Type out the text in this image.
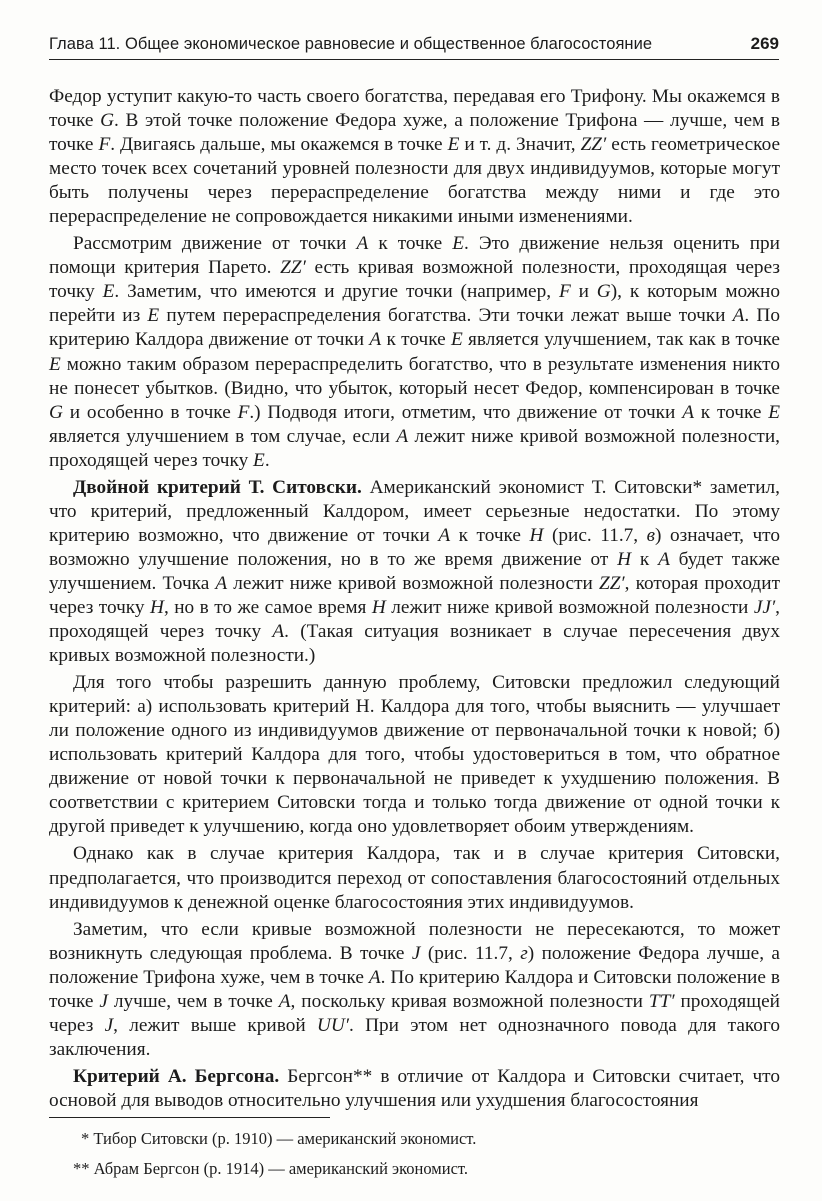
Глава 11. Общее экономическое равновесие и общественное благосостояние	269

Федор уступит какую-то часть своего богатства, передавая его Трифону. Мы окажемся в точке G. В этой точке положение Федора хуже, а положение Трифона — лучше, чем в точке F. Двигаясь дальше, мы окажемся в точке E и т. д. Значит, ZZ′ есть геометрическое место точек всех сочетаний уровней полезности для двух индивидуумов, которые могут быть получены через перераспределение богатства между ними и где это перераспределение не сопровождается никакими иными изменениями.

Рассмотрим движение от точки A к точке E. Это движение нельзя оценить при помощи критерия Парето. ZZ′ есть кривая возможной полезности, проходящая через точку E. Заметим, что имеются и другие точки (например, F и G), к которым можно перейти из E путем перераспределения богатства. Эти точки лежат выше точки A. По критерию Калдора движение от точки A к точке E является улучшением, так как в точке E можно таким образом перераспределить богатство, что в результате изменения никто не понесет убытков. (Видно, что убыток, который несет Федор, компенсирован в точке G и особенно в точке F.) Подводя итоги, отметим, что движение от точки A к точке E является улучшением в том случае, если A лежит ниже кривой возможной полезности, проходящей через точку E.

Двойной критерий Т. Ситовски. Американский экономист Т. Ситовски* заметил, что критерий, предложенный Калдором, имеет серьезные недостатки. По этому критерию возможно, что движение от точки A к точке H (рис. 11.7, в) означает, что возможно улучшение положения, но в то же время движение от H к A будет также улучшением. Точка A лежит ниже кривой возможной полезности ZZ′, которая проходит через точку H, но в то же самое время H лежит ниже кривой возможной полезности JJ′, проходящей через точку A. (Такая ситуация возникает в случае пересечения двух кривых возможной полезности.)

Для того чтобы разрешить данную проблему, Ситовски предложил следующий критерий: а) использовать критерий Н. Калдора для того, чтобы выяснить — улучшает ли положение одного из индивидуумов движение от первоначальной точки к новой; б) использовать критерий Калдора для того, чтобы удостовериться в том, что обратное движение от новой точки к первоначальной не приведет к ухудшению положения. В соответствии с критерием Ситовски тогда и только тогда движение от одной точки к другой приведет к улучшению, когда оно удовлетворяет обоим утверждениям.

Однако как в случае критерия Калдора, так и в случае критерия Ситовски, предполагается, что производится переход от сопоставления благосостояний отдельных индивидуумов к денежной оценке благосостояния этих индивидуумов.

Заметим, что если кривые возможной полезности не пересекаются, то может возникнуть следующая проблема. В точке J (рис. 11.7, г) положение Федора лучше, а положение Трифона хуже, чем в точке A. По критерию Калдора и Ситовски положение в точке J лучше, чем в точке A, поскольку кривая возможной полезности TT′ проходящей через J, лежит выше кривой UU′. При этом нет однозначного повода для такого заключения.

Критерий А. Бергсона. Бергсон** в отличие от Калдора и Ситовски считает, что основой для выводов относительно улучшения или ухудшения благосостояния

* Тибор Ситовски (р. 1910) — американский экономист.
** Абрам Бергсон (р. 1914) — американский экономист.
